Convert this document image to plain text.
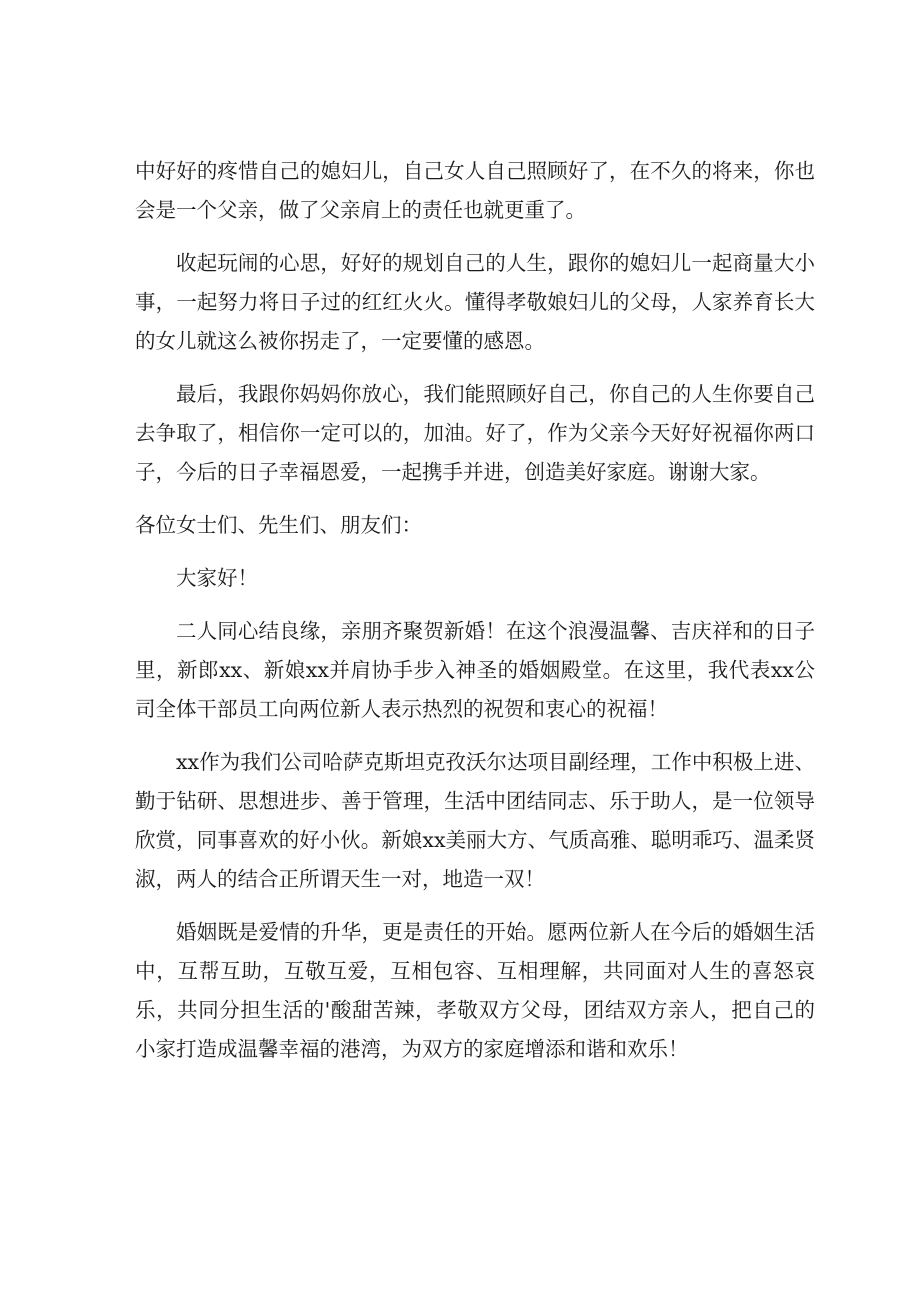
中好好的疼惜自己的媳妇儿，自己女人自己照顾好了，在不久的将来，你也会是一个父亲，做了父亲肩上的责任也就更重了。

收起玩闹的心思，好好的规划自己的人生，跟你的媳妇儿一起商量大小事，一起努力将日子过的红红火火。懂得孝敬娘妇儿的父母，人家养育长大的女儿就这么被你拐走了，一定要懂的感恩。

最后，我跟你妈妈你放心，我们能照顾好自己，你自己的人生你要自己去争取了，相信你一定可以的，加油。好了，作为父亲今天好好祝福你两口子，今后的日子幸福恩爱，一起携手并进，创造美好家庭。谢谢大家。

各位女士们、先生们、朋友们：

大家好！

二人同心结良缘，亲朋齐聚贺新婚！在这个浪漫温馨、吉庆祥和的日子里，新郎xx、新娘xx并肩协手步入神圣的婚姻殿堂。在这里，我代表xx公司全体干部员工向两位新人表示热烈的祝贺和衷心的祝福！

xx作为我们公司哈萨克斯坦克孜沃尔达项目副经理，工作中积极上进、勤于钻研、思想进步、善于管理，生活中团结同志、乐于助人，是一位领导欣赏，同事喜欢的好小伙。新娘xx美丽大方、气质高雅、聪明乖巧、温柔贤淑，两人的结合正所谓天生一对，地造一双！

婚姻既是爱情的升华，更是责任的开始。愿两位新人在今后的婚姻生活中，互帮互助，互敬互爱，互相包容、互相理解，共同面对人生的喜怒哀乐，共同分担生活的'酸甜苦辣，孝敬双方父母，团结双方亲人，把自己的小家打造成温馨幸福的港湾，为双方的家庭增添和谐和欢乐！
